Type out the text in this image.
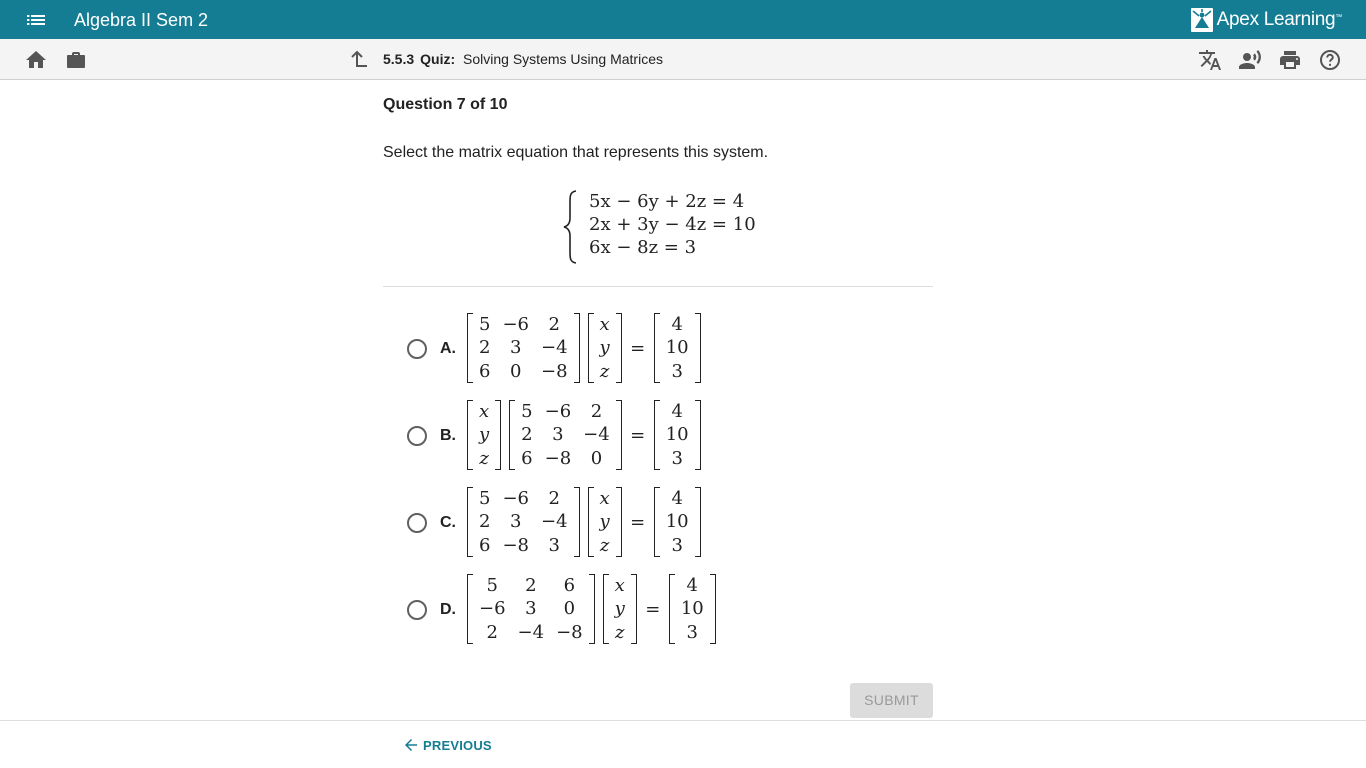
Algebra II Sem 2	Apex Learning™
5.5.3 Quiz: Solving Systems Using Matrices
Question 7 of 10
Select the matrix equation that represents this system.
5x − 6y + 2z = 4
2x + 3y − 4z = 10
6x − 8z = 3
A.
5	−6	2
2	3	−4
6	0	−8
x
y
z
=
4
10
3
B.
x
y
z
5	−6	2
2	3	−4
6	−8	0
=
4
10
3
C.
5	−6	2
2	3	−4
6	−8	3
x
y
z
=
4
10
3
D.
5	2	6
−6	3	0
2	−4	−8
x
y
z
=
4
10
3
SUBMIT
PREVIOUS
